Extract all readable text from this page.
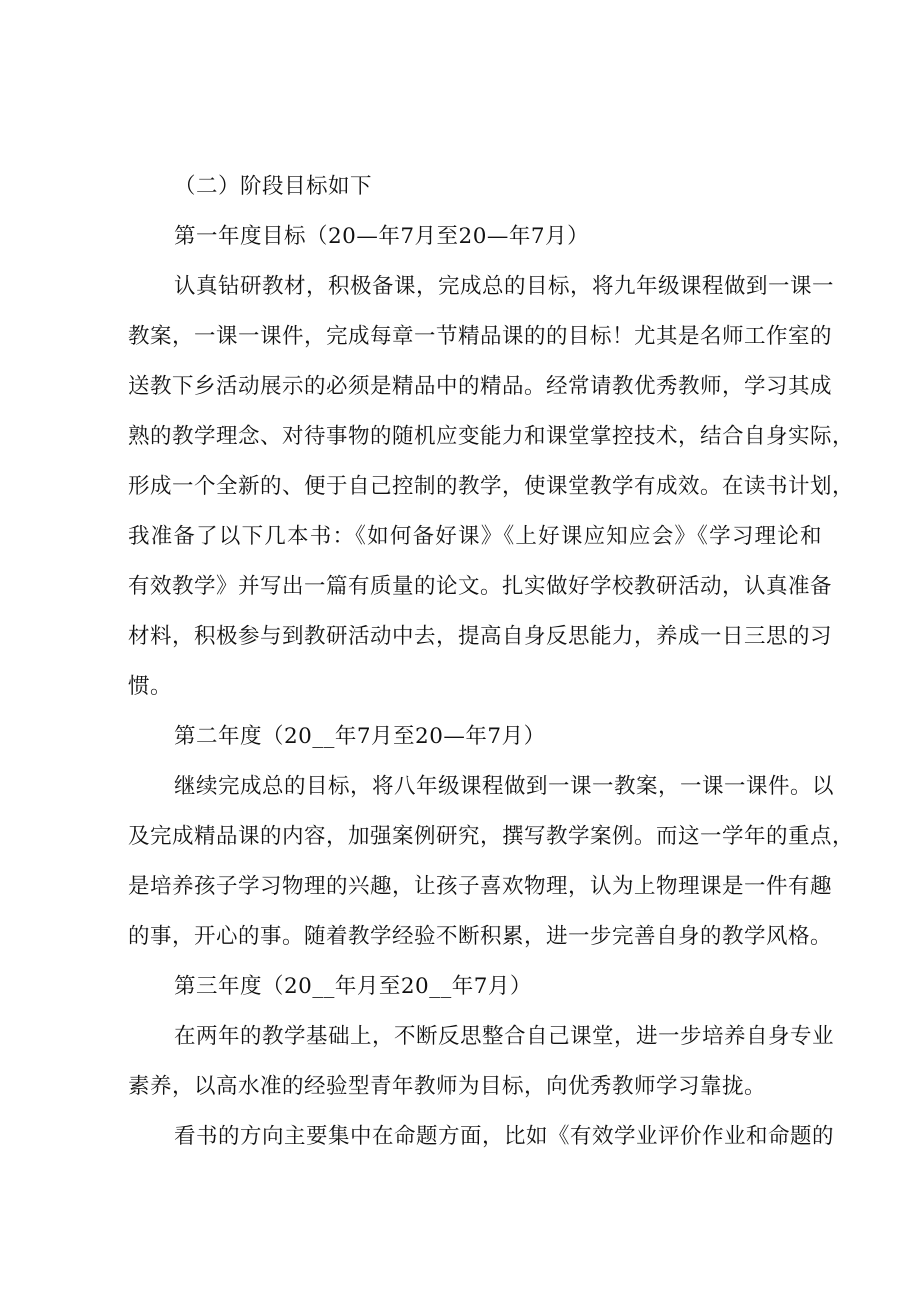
（二）阶段目标如下
第一年度目标（20—年7月至20—年7月）
认真钻研教材，积极备课，完成总的目标，将九年级课程做到一课一
教案，一课一课件，完成每章一节精品课的的目标！尤其是名师工作室的
送教下乡活动展示的必须是精品中的精品。经常请教优秀教师，学习其成
熟的教学理念、对待事物的随机应变能力和课堂掌控技术，结合自身实际，
形成一个全新的、便于自己控制的教学，使课堂教学有成效。在读书计划，
我准备了以下几本书：《如何备好课》《上好课应知应会》《学习理论和
有效教学》并写出一篇有质量的论文。扎实做好学校教研活动，认真准备
材料，积极参与到教研活动中去，提高自身反思能力，养成一日三思的习
惯。
第二年度（20__年7月至20—年7月）
继续完成总的目标，将八年级课程做到一课一教案，一课一课件。以
及完成精品课的内容，加强案例研究，撰写教学案例。而这一学年的重点，
是培养孩子学习物理的兴趣，让孩子喜欢物理，认为上物理课是一件有趣
的事，开心的事。随着教学经验不断积累，进一步完善自身的教学风格。
第三年度（20__年月至20__年7月）
在两年的教学基础上，不断反思整合自己课堂，进一步培养自身专业
素养，以高水准的经验型青年教师为目标，向优秀教师学习靠拢。
看书的方向主要集中在命题方面，比如《有效学业评价作业和命题的
